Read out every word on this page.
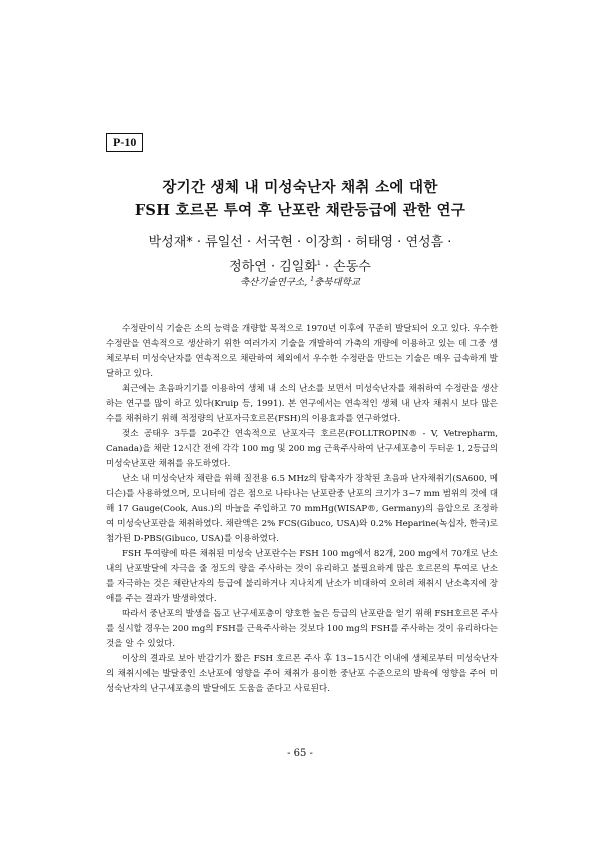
P-10
장기간 생체 내 미성숙난자 채취 소에 대한
FSH 호르몬 투여 후 난포란 채란등급에 관한 연구
박성재* · 류일선 · 서국현 · 이장희 · 허태영 · 연성흠 ·
정하연 · 김일화$^1$ · 손동수
축산기술연구소, $^1$충북대학교

수정란이식 기술은 소의 능력을 개량할 목적으로 1970년 이후에 꾸준히 발달되어 오고 있다. 우수한 수정란을 연속적으로 생산하기 위한 여러가지 기술을 개발하여 가축의 개량에 이용하고 있는 데 그중 생체로부터 미성숙난자를 연속적으로 채란하여 체외에서 우수한 수정란을 만드는 기술은 매우 급속하게 발달하고 있다.

최근에는 초음파기기를 이용하여 생체 내 소의 난소를 보면서 미성숙난자를 채취하여 수정란을 생산하는 연구를 많이 하고 있다(Kruip 등, 1991). 본 연구에서는 연속적인 생체 내 난자 채취시 보다 많은 수를 채취하기 위해 적정량의 난포자극호르몬(FSH)의 이용효과를 연구하였다.

젖소 공태우 3두를 20주간 연속적으로 난포자극 호르몬(FOLLTROPIN® - V, Vetrepharm, Canada)을 채란 12시간 전에 각각 100 mg 및 200 mg 근육주사하여 난구세포층이 두터운 1, 2등급의 미성숙난포란 채취를 유도하였다.

난소 내 미성숙난자 채란을 위해 질전용 6.5 MHz의 탐촉자가 장착된 초음파 난자채취기(SA600, 메디슨)를 사용하였으며, 모니터에 검은 점으로 나타나는 난포란중 난포의 크기가 3~7 mm 범위의 것에 대해 17 Gauge(Cook, Aus.)의 바늘을 주입하고 70 mmHg(WISAP®, Germany)의 음압으로 조정하여 미성숙난포란을 채취하였다. 채란액은 2% FCS(Gibuco, USA)와 0.2% Heparine(녹십자, 한국)로 첨가된 D-PBS(Gibuco, USA)를 이용하였다.

FSH 투여량에 따른 채취된 미성숙 난포란수는 FSH 100 mg에서 82개, 200 mg에서 70개로 난소내의 난포발달에 자극을 줄 정도의 량을 주사하는 것이 유리하고 불필요하게 많은 호르몬의 투여로 난소를 자극하는 것은 채란난자의 등급에 불리하거나 지나치게 난소가 비대하여 오히려 채취시 난소촉지에 장애를 주는 결과가 발생하였다.

따라서 중난포의 발생을 돕고 난구세포층이 양호한 높은 등급의 난포란을 얻기 위해 FSH호르몬 주사를 실시할 경우는 200 mg의 FSH를 근육주사하는 것보다 100 mg의 FSH를 주사하는 것이 유리하다는 것을 알 수 있었다.

이상의 결과로 보아 반감기가 짧은 FSH 호르몬 주사 후 13~15시간 이내에 생체로부터 미성숙난자의 채취시에는 발달중인 소난포에 영향을 주어 채취가 용이한 중난포 수준으로의 발육에 영향을 주어 미성숙난자의 난구세포층의 발달에도 도움을 준다고 사료된다.

- 65 -
